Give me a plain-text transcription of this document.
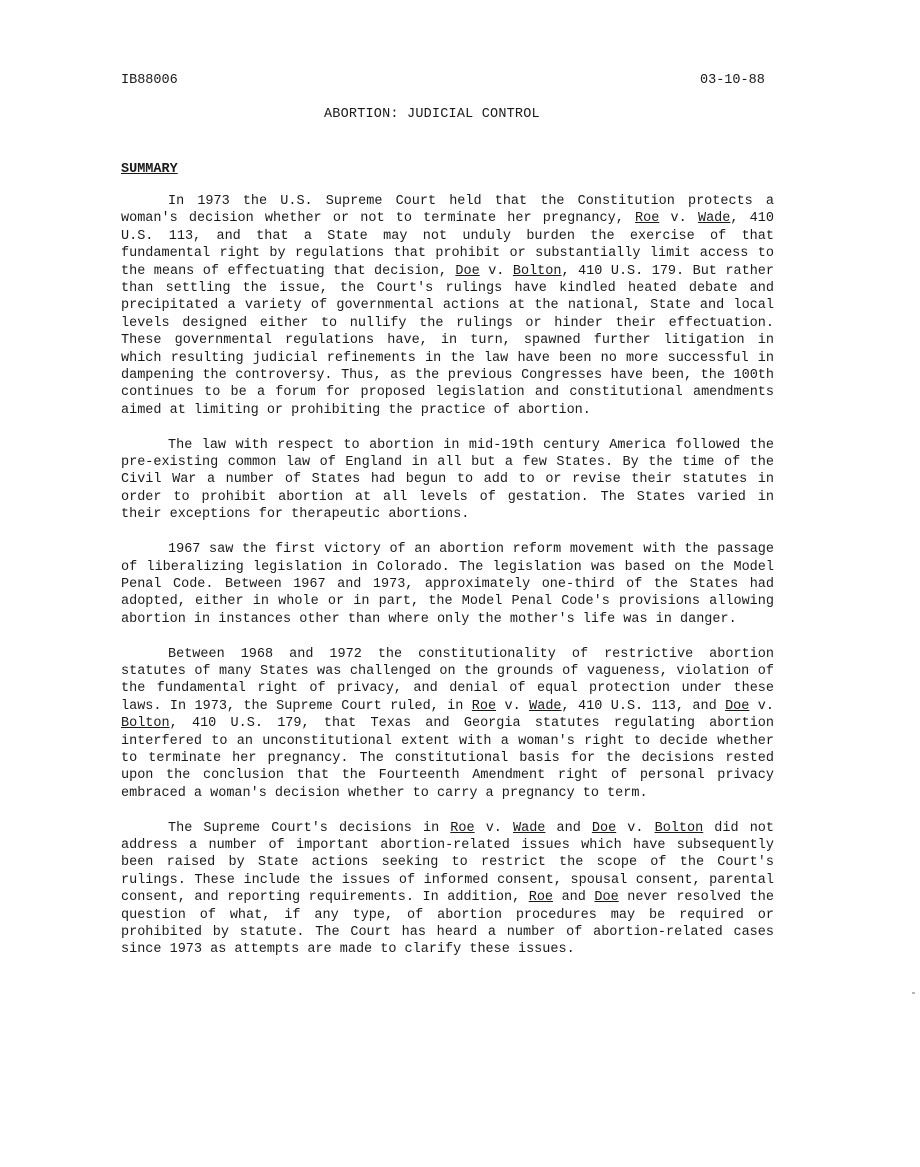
IB88006	03-10-88
ABORTION: JUDICIAL CONTROL
SUMMARY

In 1973 the U.S. Supreme Court held that the Constitution protects a woman's decision whether or not to terminate her pregnancy, Roe v. Wade, 410 U.S. 113, and that a State may not unduly burden the exercise of that fundamental right by regulations that prohibit or substantially limit access to the means of effectuating that decision, Doe v. Bolton, 410 U.S. 179. But rather than settling the issue, the Court's rulings have kindled heated debate and precipitated a variety of governmental actions at the national, State and local levels designed either to nullify the rulings or hinder their effectuation. These governmental regulations have, in turn, spawned further litigation in which resulting judicial refinements in the law have been no more successful in dampening the controversy. Thus, as the previous Congresses have been, the 100th continues to be a forum for proposed legislation and constitutional amendments aimed at limiting or prohibiting the practice of abortion.

The law with respect to abortion in mid-19th century America followed the pre-existing common law of England in all but a few States. By the time of the Civil War a number of States had begun to add to or revise their statutes in order to prohibit abortion at all levels of gestation. The States varied in their exceptions for therapeutic abortions.

1967 saw the first victory of an abortion reform movement with the passage of liberalizing legislation in Colorado. The legislation was based on the Model Penal Code. Between 1967 and 1973, approximately one-third of the States had adopted, either in whole or in part, the Model Penal Code's provisions allowing abortion in instances other than where only the mother's life was in danger.

Between 1968 and 1972 the constitutionality of restrictive abortion statutes of many States was challenged on the grounds of vagueness, violation of the fundamental right of privacy, and denial of equal protection under these laws. In 1973, the Supreme Court ruled, in Roe v. Wade, 410 U.S. 113, and Doe v. Bolton, 410 U.S. 179, that Texas and Georgia statutes regulating abortion interfered to an unconstitutional extent with a woman's right to decide whether to terminate her pregnancy. The constitutional basis for the decisions rested upon the conclusion that the Fourteenth Amendment right of personal privacy embraced a woman's decision whether to carry a pregnancy to term.

The Supreme Court's decisions in Roe v. Wade and Doe v. Bolton did not address a number of important abortion-related issues which have subsequently been raised by State actions seeking to restrict the scope of the Court's rulings. These include the issues of informed consent, spousal consent, parental consent, and reporting requirements. In addition, Roe and Doe never resolved the question of what, if any type, of abortion procedures may be required or prohibited by statute. The Court has heard a number of abortion-related cases since 1973 as attempts are made to clarify these issues.
